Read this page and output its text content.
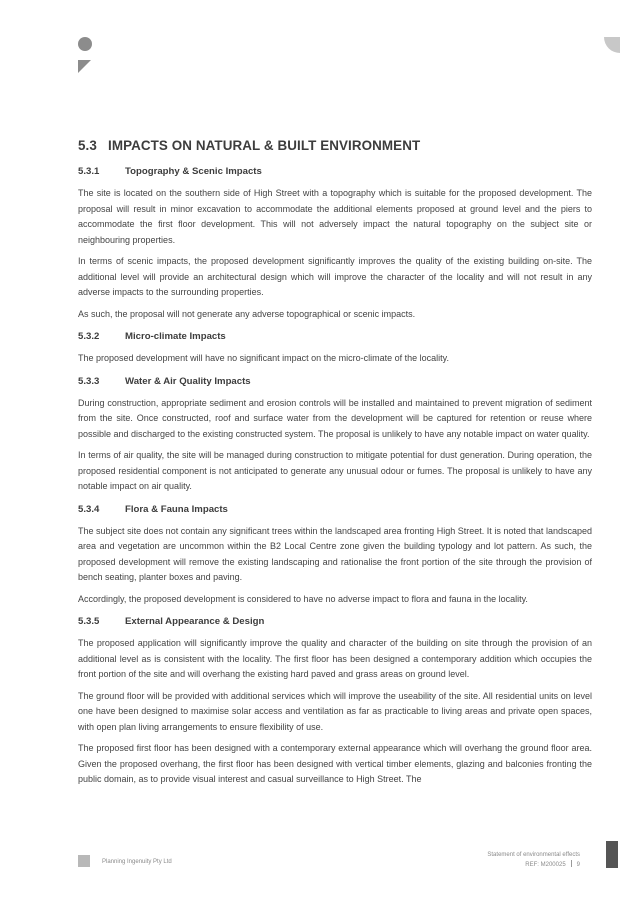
5.3 IMPACTS ON NATURAL & BUILT ENVIRONMENT
5.3.1	Topography & Scenic Impacts

The site is located on the southern side of High Street with a topography which is suitable for the proposed development. The proposal will result in minor excavation to accommodate the additional elements proposed at ground level and the piers to accommodate the first floor development. This will not adversely impact the natural topography on the subject site or neighbouring properties.

In terms of scenic impacts, the proposed development significantly improves the quality of the existing building on-site. The additional level will provide an architectural design which will improve the character of the locality and will not result in any adverse impacts to the surrounding properties.

As such, the proposal will not generate any adverse topographical or scenic impacts.

5.3.2	Micro-climate Impacts

The proposed development will have no significant impact on the micro-climate of the locality.

5.3.3	Water & Air Quality Impacts

During construction, appropriate sediment and erosion controls will be installed and maintained to prevent migration of sediment from the site. Once constructed, roof and surface water from the development will be captured for retention or reuse where possible and discharged to the existing constructed system. The proposal is unlikely to have any notable impact on water quality.

In terms of air quality, the site will be managed during construction to mitigate potential for dust generation. During operation, the proposed residential component is not anticipated to generate any unusual odour or fumes. The proposal is unlikely to have any notable impact on air quality.

5.3.4	Flora & Fauna Impacts

The subject site does not contain any significant trees within the landscaped area fronting High Street. It is noted that landscaped area and vegetation are uncommon within the B2 Local Centre zone given the building typology and lot pattern. As such, the proposed development will remove the existing landscaping and rationalise the front portion of the site through the provision of bench seating, planter boxes and paving.

Accordingly, the proposed development is considered to have no adverse impact to flora and fauna in the locality.

5.3.5	External Appearance & Design

The proposed application will significantly improve the quality and character of the building on site through the provision of an additional level as is consistent with the locality. The first floor has been designed a contemporary addition which occupies the front portion of the site and will overhang the existing hard paved and grass areas on ground level.

The ground floor will be provided with additional services which will improve the useability of the site. All residential units on level one have been designed to maximise solar access and ventilation as far as practicable to living areas and private open spaces, with open plan living arrangements to ensure flexibility of use.

The proposed first floor has been designed with a contemporary external appearance which will overhang the ground floor area. Given the proposed overhang, the first floor has been designed with vertical timber elements, glazing and balconies fronting the public domain, as to provide visual interest and casual surveillance to High Street. The

Planning Ingenuity Pty Ltd
Statement of environmental effects
REF: M200025 9
